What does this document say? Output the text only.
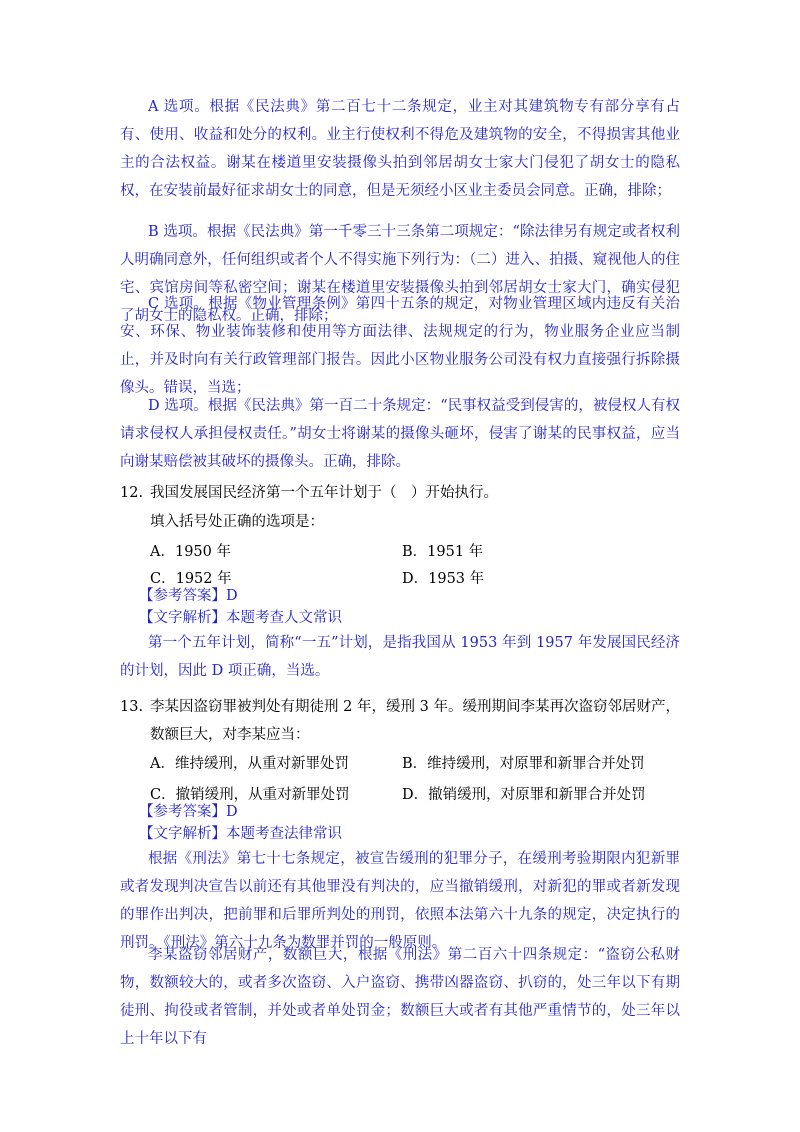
A 选项。根据《民法典》第二百七十二条规定，业主对其建筑物专有部分享有占有、使用、收益和处分的权利。业主行使权利不得危及建筑物的安全，不得损害其他业主的合法权益。谢某在楼道里安装摄像头拍到邻居胡女士家大门侵犯了胡女士的隐私权，在安装前最好征求胡女士的同意，但是无须经小区业主委员会同意。正确，排除；

B 选项。根据《民法典》第一千零三十三条第二项规定：“除法律另有规定或者权利人明确同意外，任何组织或者个人不得实施下列行为：（二）进入、拍摄、窥视他人的住宅、宾馆房间等私密空间；谢某在楼道里安装摄像头拍到邻居胡女士家大门，确实侵犯了胡女士的隐私权。正确，排除；

C 选项。根据《物业管理条例》第四十五条的规定，对物业管理区域内违反有关治安、环保、物业装饰装修和使用等方面法律、法规规定的行为，物业服务企业应当制止，并及时向有关行政管理部门报告。因此小区物业服务公司没有权力直接强行拆除摄像头。错误，当选；

D 选项。根据《民法典》第一百二十条规定：“民事权益受到侵害的，被侵权人有权请求侵权人承担侵权责任。”胡女士将谢某的摄像头砸坏，侵害了谢某的民事权益，应当向谢某赔偿被其破坏的摄像头。正确，排除。

12. 我国发展国民经济第一个五年计划于（　）开始执行。
填入括号处正确的选项是：
A．1950 年	B．1951 年
C．1952 年	D．1953 年
【参考答案】D
【文字解析】本题考查人文常识

第一个五年计划，简称“一五”计划，是指我国从 1953 年到 1957 年发展国民经济的计划，因此 D 项正确，当选。

13. 李某因盗窃罪被判处有期徒刑 2 年，缓刑 3 年。缓刑期间李某再次盗窃邻居财产，数额巨大，对李某应当：
A．维持缓刑，从重对新罪处罚	B．维持缓刑，对原罪和新罪合并处罚
C．撤销缓刑，从重对新罪处罚	D．撤销缓刑，对原罪和新罪合并处罚
【参考答案】D
【文字解析】本题考查法律常识

根据《刑法》第七十七条规定，被宣告缓刑的犯罪分子，在缓刑考验期限内犯新罪或者发现判决宣告以前还有其他罪没有判决的，应当撤销缓刑，对新犯的罪或者新发现的罪作出判决，把前罪和后罪所判处的刑罚，依照本法第六十九条的规定，决定执行的刑罚。《刑法》第六十九条为数罪并罚的一般原则。

李某盗窃邻居财产，数额巨大，根据《刑法》第二百六十四条规定：“盗窃公私财物，数额较大的，或者多次盗窃、入户盗窃、携带凶器盗窃、扒窃的，处三年以下有期徒刑、拘役或者管制，并处或者单处罚金；数额巨大或者有其他严重情节的，处三年以上十年以下有
